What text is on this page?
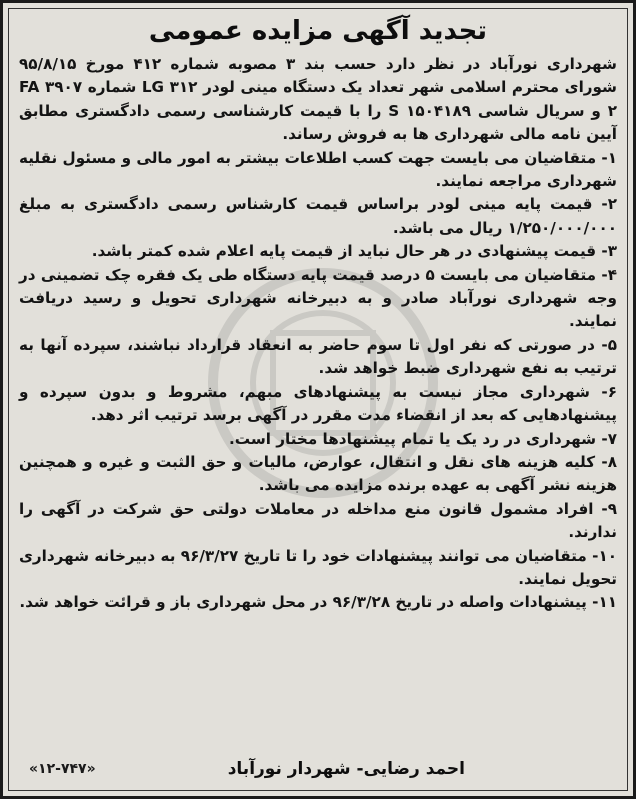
تجدید آگهی مزایده عمومی

شهرداری نورآباد در نظر دارد حسب بند ۳ مصوبه شماره ۴۱۲ مورخ ۹۵/۸/۱۵ شورای محترم اسلامی شهر تعداد یک دستگاه مینی لودر LG ۳۱۲ شماره ۳۹۰۷ FA ۲ و سریال شاسی ۱۵۰۴۱۸۹ S را با قیمت کارشناسی رسمی دادگستری مطابق آیین نامه مالی شهرداری ها به فروش رساند.

۱- متقاضیان می بایست جهت کسب اطلاعات بیشتر به امور مالی و مسئول نقلیه شهرداری مراجعه نمایند.

۲- قیمت پایه مینی لودر براساس قیمت کارشناس رسمی دادگستری به مبلغ ۱/۲۵۰/۰۰۰/۰۰۰ ریال می باشد.

۳- قیمت پیشنهادی در هر حال نباید از قیمت پایه اعلام شده کمتر باشد.

۴- متقاضیان می بایست ۵ درصد قیمت پایه دستگاه طی یک فقره چک تضمینی در وجه شهرداری نورآباد صادر و به دبیرخانه شهرداری تحویل و رسید دریافت نمایند.

۵- در صورتی که نفر اول تا سوم حاضر به انعقاد قرارداد نباشند، سپرده آنها به ترتیب به نفع شهرداری ضبط خواهد شد.

۶- شهرداری مجاز نیست به پیشنهادهای مبهم، مشروط و بدون سپرده و پیشنهادهایی که بعد از انقضاء مدت مقرر در آگهی برسد ترتیب اثر دهد.

۷- شهرداری در رد یک یا تمام پیشنهادها مختار است.

۸- کلیه هزینه های نقل و انتقال، عوارض، مالیات و حق الثبت و غیره و همچنین هزینه نشر آگهی به عهده برنده مزایده می باشد.

۹- افراد مشمول قانون منع مداخله در معاملات دولتی حق شرکت در آگهی را ندارند.

۱۰- متقاضیان می توانند پیشنهادات خود را تا تاریخ ۹۶/۳/۲۷ به دبیرخانه شهرداری تحویل نمایند.

۱۱- پیشنهادات واصله در تاریخ ۹۶/۳/۲۸ در محل شهرداری باز و قرائت خواهد شد.

احمد رضایی- شهردار نورآباد
«۱۲-۷۴۷»
